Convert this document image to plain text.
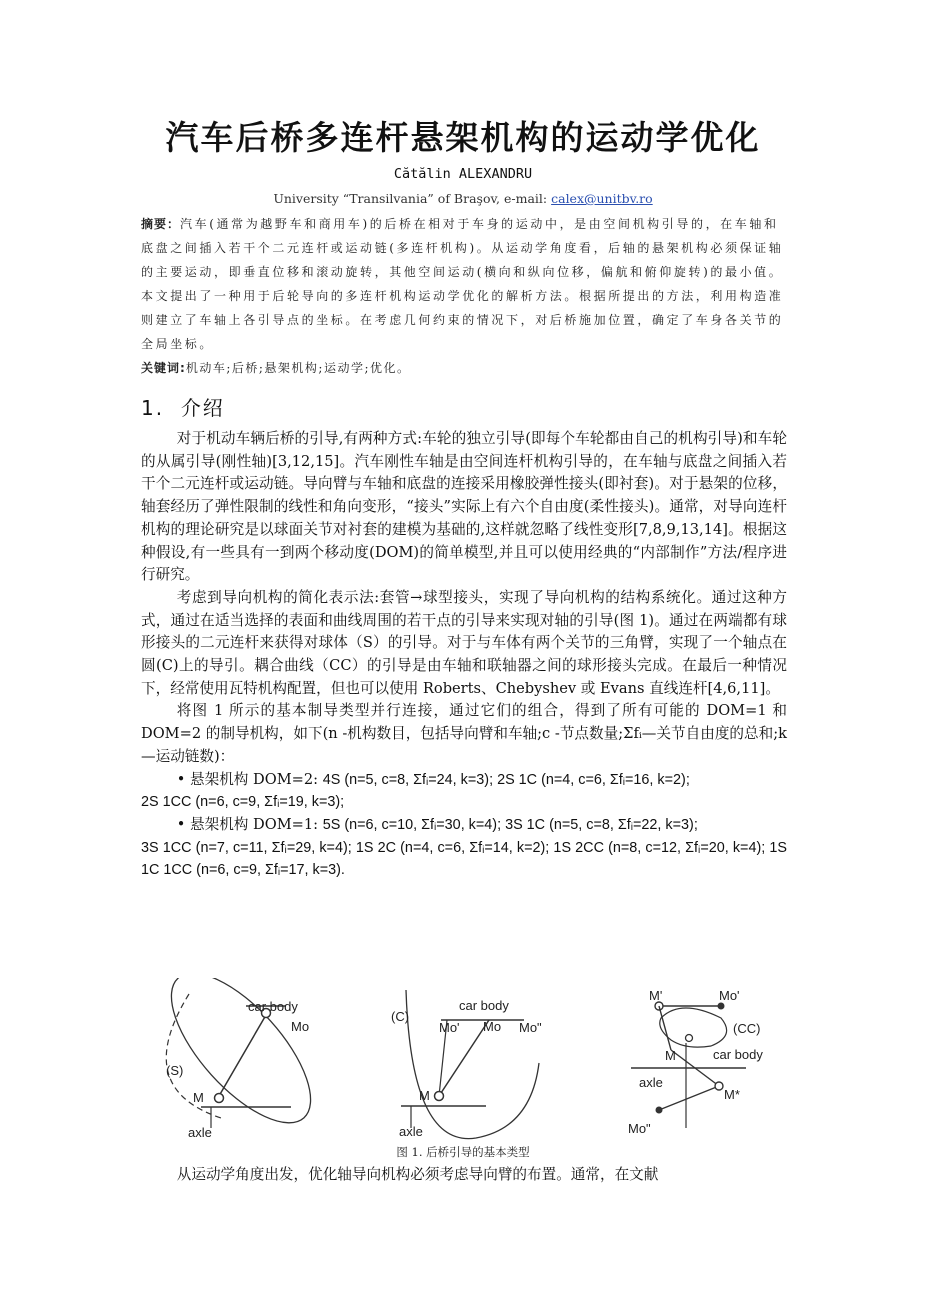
汽车后桥多连杆悬架机构的运动学优化
Cătălin ALEXANDRU
University “Transilvania” of Braşov, e-mail: calex@unitbv.ro
摘要：汽车(通常为越野车和商用车)的后桥在相对于车身的运动中，是由空间机构引导的，在车轴和底盘之间插入若干个二元连杆或运动链(多连杆机构)。从运动学角度看，后轴的悬架机构必须保证轴的主要运动，即垂直位移和滚动旋转，其他空间运动(横向和纵向位移，偏航和俯仰旋转)的最小值。本文提出了一种用于后轮导向的多连杆机构运动学优化的解析方法。根据所提出的方法，利用构造准则建立了车轴上各引导点的坐标。在考虑几何约束的情况下，对后桥施加位置，确定了车身各关节的全局坐标。
关键词:机动车;后桥;悬架机构;运动学;优化。
1. 介绍

对于机动车辆后桥的引导,有两种方式:车轮的独立引导(即每个车轮都由自己的机构引导)和车轮的从属引导(刚性轴)[3,12,15]。汽车刚性车轴是由空间连杆机构引导的，在车轴与底盘之间插入若干个二元连杆或运动链。导向臂与车轴和底盘的连接采用橡胶弹性接头(即衬套)。对于悬架的位移，轴套经历了弹性限制的线性和角向变形，“接头”实际上有六个自由度(柔性接头)。通常，对导向连杆机构的理论研究是以球面关节对衬套的建模为基础的,这样就忽略了线性变形[7,8,9,13,14]。根据这种假设,有一些具有一到两个移动度(DOM)的简单模型,并且可以使用经典的“内部制作”方法/程序进行研究。

考虑到导向机构的简化表示法:套管→球型接头，实现了导向机构的结构系统化。通过这种方式，通过在适当选择的表面和曲线周围的若干点的引导来实现对轴的引导(图 1)。通过在两端都有球形接头的二元连杆来获得对球体（S）的引导。对于与车体有两个关节的三角臂，实现了一个轴点在圆(C)上的导引。耦合曲线（CC）的引导是由车轴和联轴器之间的球形接头完成。在最后一种情况下，经常使用瓦特机构配置，但也可以使用 Roberts、Chebyshev 或 Evans 直线连杆[4,6,11]。

将图 1 所示的基本制导类型并行连接，通过它们的组合，得到了所有可能的 DOM=1 和 DOM=2 的制导机构，如下(n -机构数目，包括导向臂和车轴;c -节点数量;Σfᵢ—关节自由度的总和;k—运动链数)：

• 悬架机构 DOM=2: 4S (n=5, c=8, Σfᵢ=24, k=3); 2S 1C (n=4, c=6, Σfᵢ=16, k=2);

2S 1CC (n=6, c=9, Σfᵢ=19, k=3);

• 悬架机构 DOM=1: 5S (n=6, c=10, Σfᵢ=30, k=4); 3S 1C (n=5, c=8, Σfᵢ=22, k=3);

3S 1CC (n=7, c=11, Σfᵢ=29, k=4); 1S 2C (n=4, c=6, Σfᵢ=14, k=2); 1S 2CC (n=8, c=12, Σfᵢ=20, k=4); 1S 1C 1CC (n=6, c=9, Σfᵢ=17, k=3).

car body
Mo
(S)
M
axle
(C)
car body
Mo' Mo Mo"
M
axle
M'	Mo'
(CC)
M	car body
axle
M*
Mo"
图 1. 后桥引导的基本类型

从运动学角度出发，优化轴导向机构必须考虑导向臂的布置。通常，在文献
